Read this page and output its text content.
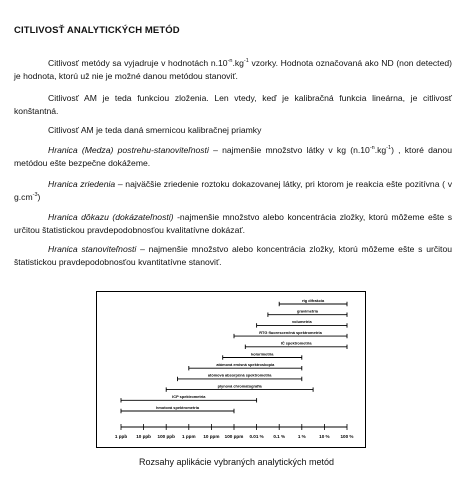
CITLIVOSŤ ANALYTICKÝCH METÓD
Citlivosť metódy sa vyjadruje v hodnotách $n.10^{-n}.kg^{-1}$ vzorky. Hodnota označovaná ako ND (non detected) je hodnota, ktorú už nie je možné danou metódou stanoviť.
Citlivosť AM je teda funkciou zloženia. Len vtedy, keď je kalibračná funkcia lineárna, je citlivosť konštantná.
Citlivosť AM je teda daná smernicou kalibračnej priamky
Hranica (Medza) postrehu-stanoviteľnosti – najmenšie množstvo látky v kg $(n.10^{-n}.kg^{-1})$ , ktoré danou metódou ešte bezpečne dokážeme.
Hranica zriedenia – najväčšie zriedenie roztoku dokazovanej látky, pri ktorom je reakcia ešte pozitívna ( v $g.cm^{-3}$)
Hranica dôkazu (dokázateľnosti) -najmenšie množstvo alebo koncentrácia zložky, ktorú môžeme ešte s určitou štatistickou pravdepodobnosťou kvalitatívne dokázať.
Hranica stanoviteľnosti – najmenšie množstvo alebo koncentrácia zložky, ktorú môžeme ešte s určitou štatistickou pravdepodobnosťou kvantitatívne stanoviť.
1 ppb 10 ppb 100 ppb 1 ppm 10 ppm 100 ppm 0.01 % 0.1 %	1 %	10 % 100 %
rtg difrakcia
gravimetria
volumetria
RTG fluorescenčná spektrometria
IČ spektrometria
kolorimetria
atómová emisná spektroskopia
atómová absorpčná spektrometria
plynová chromatografia
ICP spektrometria
hmotová spektrometria
Rozsahy aplikácie vybraných analytických metód
